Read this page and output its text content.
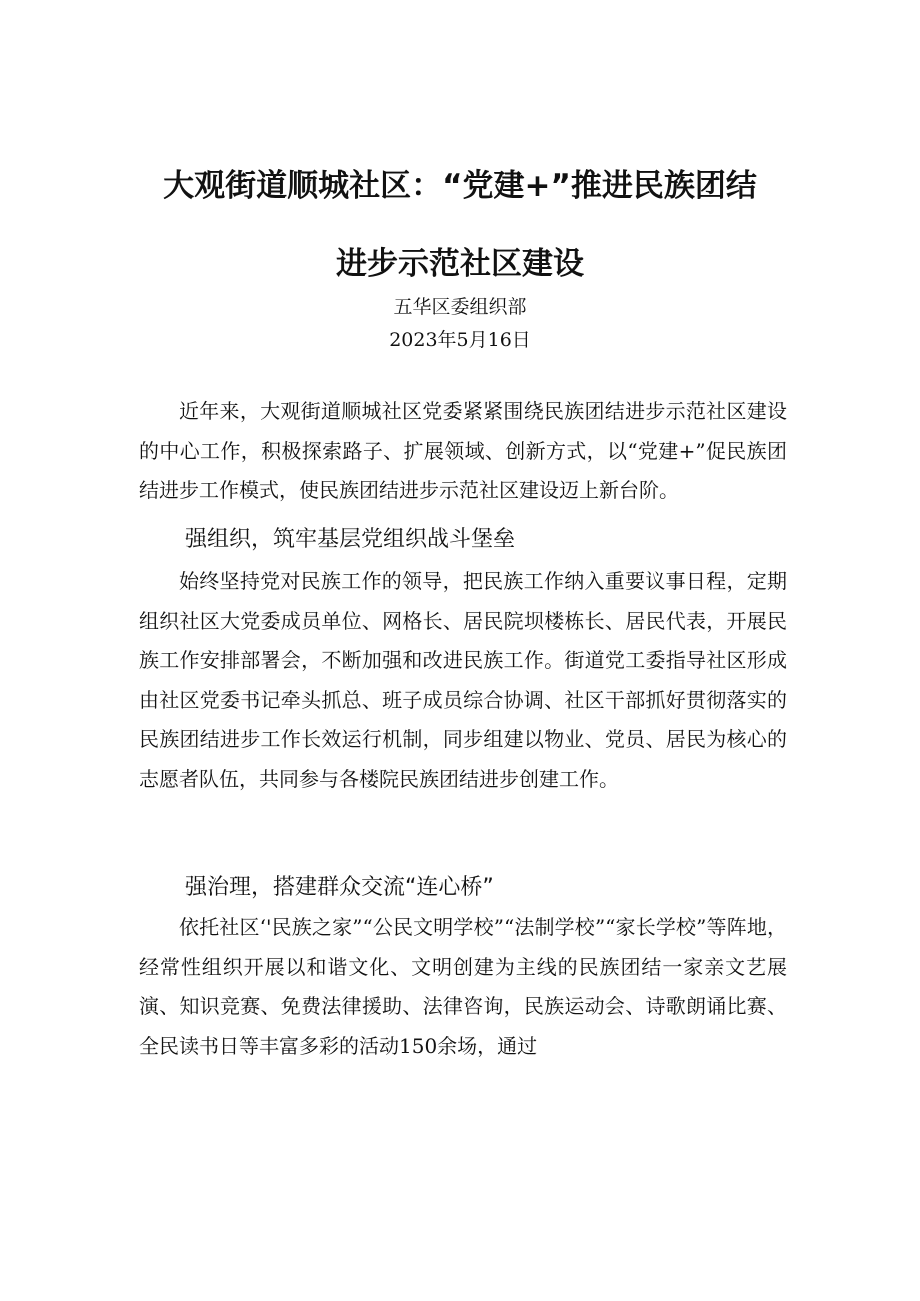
大观街道顺城社区：“党建+”推进民族团结
进步示范社区建设
五华区委组织部
2023年5月16日

近年来，大观街道顺城社区党委紧紧围绕民族团结进步示范社区建设的中心工作，积极探索路子、扩展领域、创新方式，以“党建+”促民族团结进步工作模式，使民族团结进步示范社区建设迈上新台阶。

强组织，筑牢基层党组织战斗堡垒

始终坚持党对民族工作的领导，把民族工作纳入重要议事日程，定期组织社区大党委成员单位、网格长、居民院坝楼栋长、居民代表，开展民族工作安排部署会，不断加强和改进民族工作。街道党工委指导社区形成由社区党委书记牵头抓总、班子成员综合协调、社区干部抓好贯彻落实的民族团结进步工作长效运行机制，同步组建以物业、党员、居民为核心的志愿者队伍，共同参与各楼院民族团结进步创建工作。

强治理，搭建群众交流“连心桥”

依托社区‘'民族之家”“公民文明学校”“法制学校”“家长学校”等阵地，经常性组织开展以和谐文化、文明创建为主线的民族团结一家亲文艺展演、知识竞赛、免费法律援助、法律咨询，民族运动会、诗歌朗诵比赛、全民读书日等丰富多彩的活动150余场，通过
